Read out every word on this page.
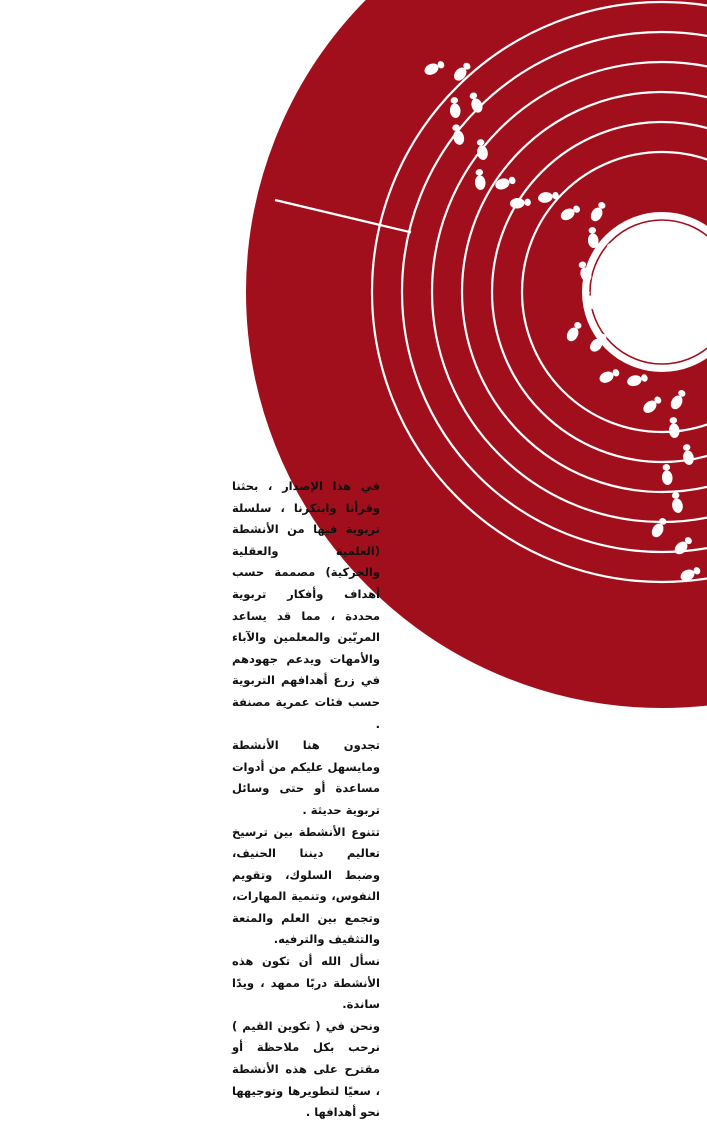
في هذا الإصدار ، بحثنا وقرأنا وابتكرنا ، سلسلة تربوية فيها من الأنشطة (العلمية والعقلية والحركية) مصممة حسب أهداف وأفكار تربوية محددة ، مما قد يساعد المربّين والمعلمين والآباء والأمهات ويدعم جهودهم في زرع أهدافهم التربوية حسب فئات عمرية مصنفة .

تجدون هنا الأنشطة ومايسهل عليكم من أدوات مساعدة أو حتى وسائل تربوية حديثة .

تتنوع الأنشطة بين ترسيخ تعاليم ديننا الحنيف، وضبط السلوك، وتقويم النفوس، وتنمية المهارات، وتجمع بين العلم والمتعة والتثقيف والترفيه.

نسأل الله أن تكون هذه الأنشطة دربًا ممهد ، ويدًا ساندة.

ونحن في ( تكوين القيم ) نرحب بكل ملاحظة أو مقترح على هذه الأنشطة ، سعيًا لتطويرها وتوجيهها نحو أهدافها .
